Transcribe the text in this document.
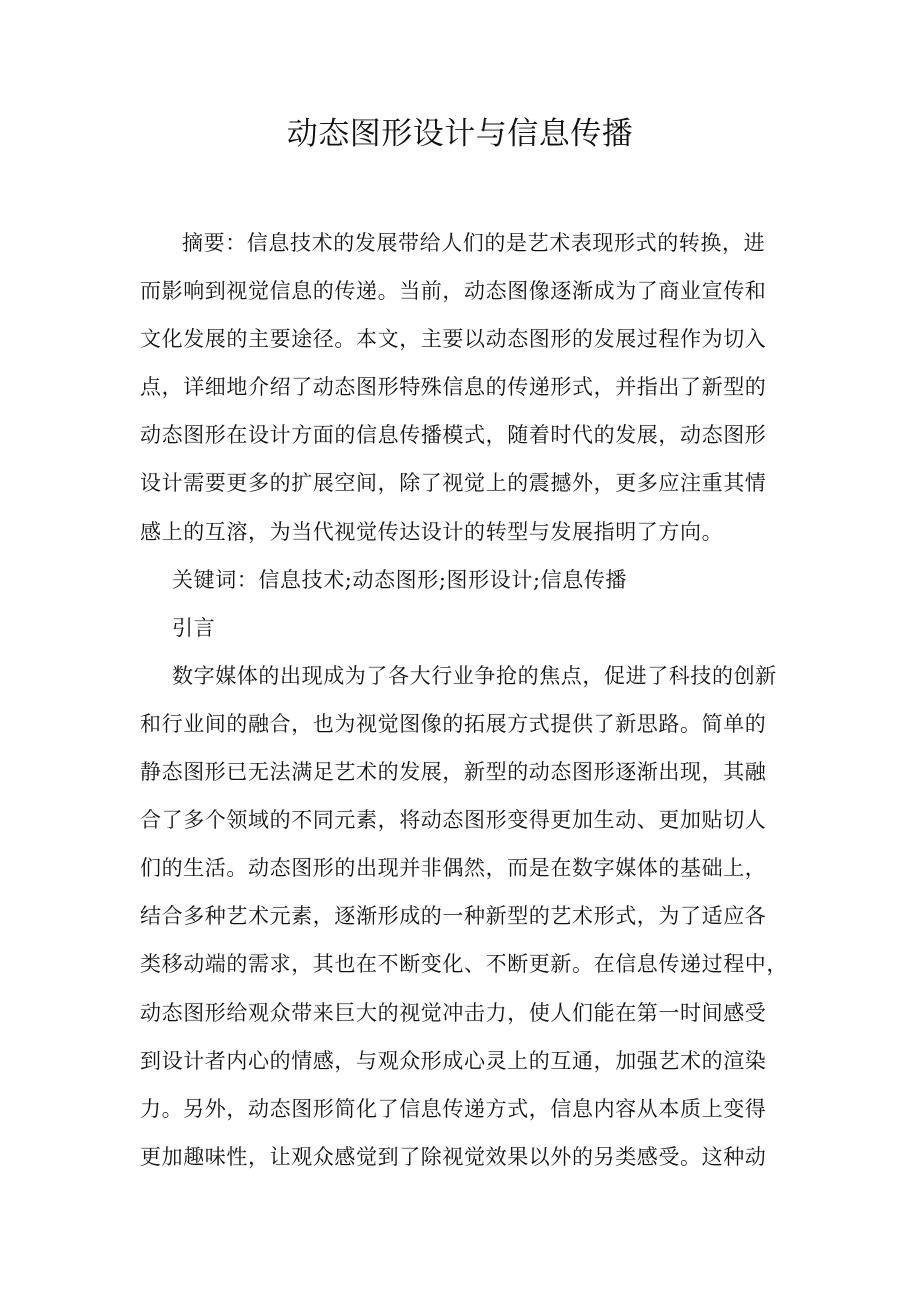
动态图形设计与信息传播
摘要：信息技术的发展带给人们的是艺术表现形式的转换，进
而影响到视觉信息的传递。当前，动态图像逐渐成为了商业宣传和
文化发展的主要途径。本文，主要以动态图形的发展过程作为切入
点，详细地介绍了动态图形特殊信息的传递形式，并指出了新型的
动态图形在设计方面的信息传播模式，随着时代的发展，动态图形
设计需要更多的扩展空间，除了视觉上的震撼外，更多应注重其情
感上的互溶，为当代视觉传达设计的转型与发展指明了方向。
关键词：信息技术;动态图形;图形设计;信息传播
引言
数字媒体的出现成为了各大行业争抢的焦点，促进了科技的创新
和行业间的融合，也为视觉图像的拓展方式提供了新思路。简单的
静态图形已无法满足艺术的发展，新型的动态图形逐渐出现，其融
合了多个领域的不同元素，将动态图形变得更加生动、更加贴切人
们的生活。动态图形的出现并非偶然，而是在数字媒体的基础上，
结合多种艺术元素，逐渐形成的一种新型的艺术形式，为了适应各
类移动端的需求，其也在不断变化、不断更新。在信息传递过程中，
动态图形给观众带来巨大的视觉冲击力，使人们能在第一时间感受
到设计者内心的情感，与观众形成心灵上的互通，加强艺术的渲染
力。另外，动态图形简化了信息传递方式，信息内容从本质上变得
更加趣味性，让观众感觉到了除视觉效果以外的另类感受。这种动
